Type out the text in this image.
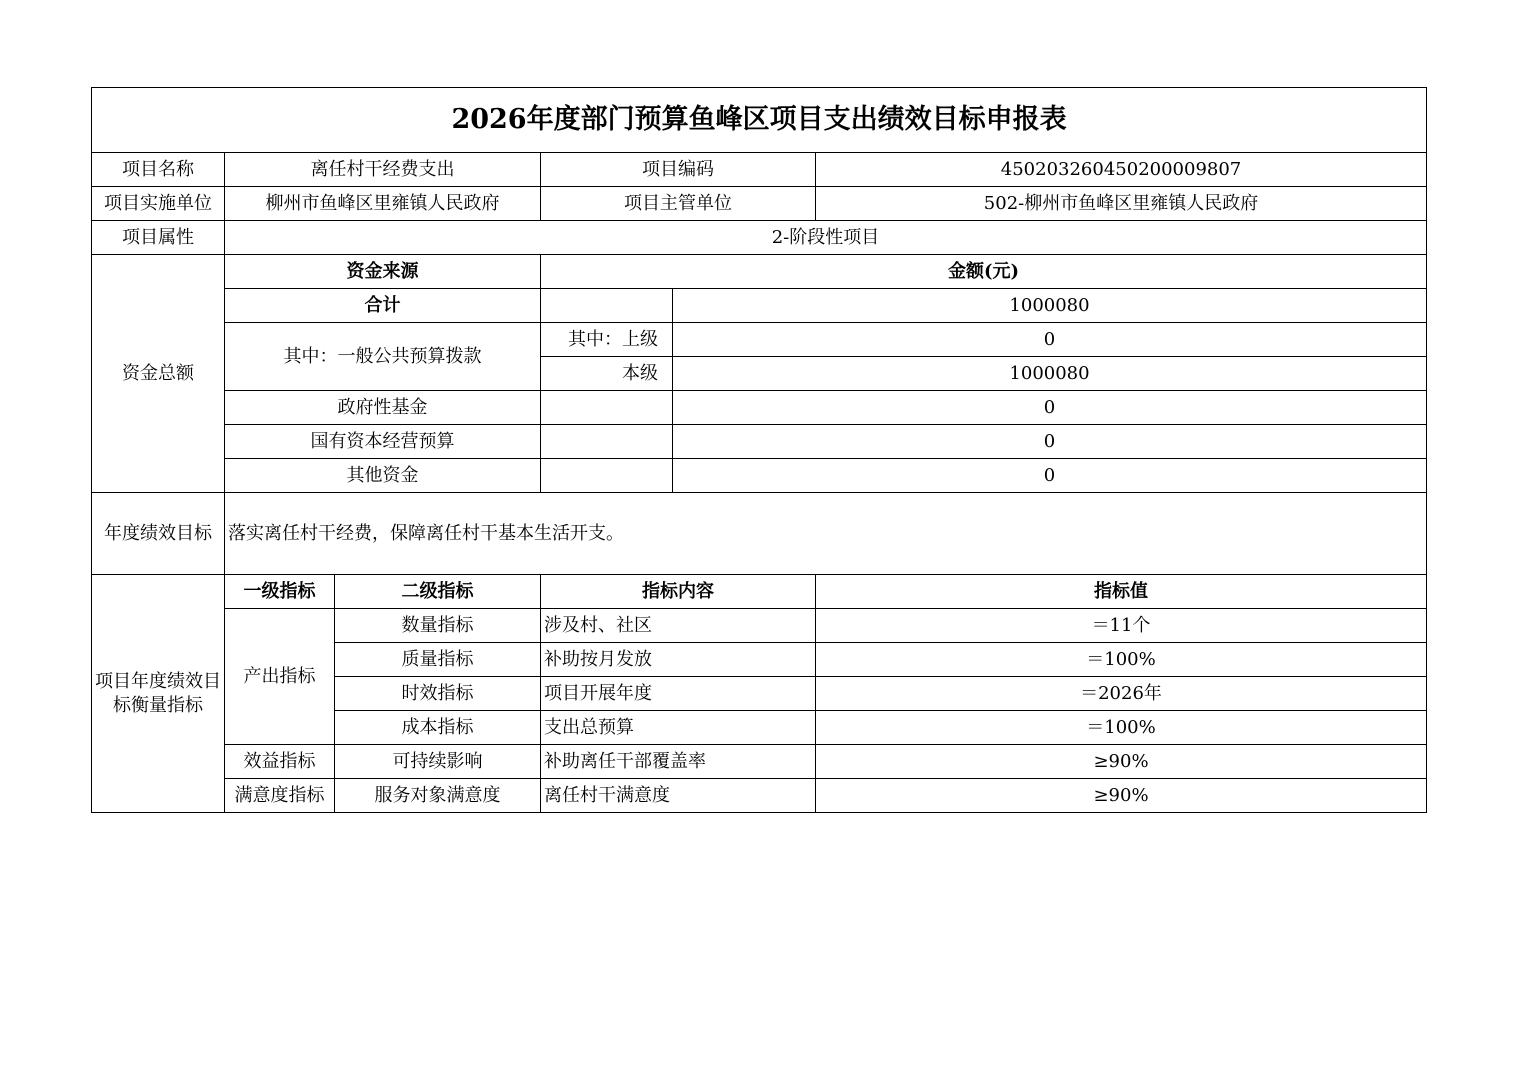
2026年度部门预算鱼峰区项目支出绩效目标申报表					
项目名称	离任村干经费支出		项目编码		450203260450200009807
项目实施单位	柳州市鱼峰区里雍镇人民政府		项目主管单位		502-柳州市鱼峰区里雍镇人民政府
项目属性	2-阶段性项目				
资金总额	资金来源		金额(元)		
	合计			1000080	
	其中：一般公共预算拨款		其中：上级	0	
			本级	1000080	
	政府性基金			0	
	国有资本经营预算			0	
	其他资金			0	
年度绩效目标	落实离任村干经费，保障离任村干基本生活开支。				
项目年度绩效目标衡量指标	一级指标	二级指标	指标内容		指标值
	产出指标	数量指标	涉及村、社区		＝11个
		质量指标	补助按月发放		＝100%
		时效指标	项目开展年度		＝2026年
		成本指标	支出总预算		＝100%
	效益指标	可持续影响	补助离任干部覆盖率		≥90%
	满意度指标	服务对象满意度	离任村干满意度		≥90%
